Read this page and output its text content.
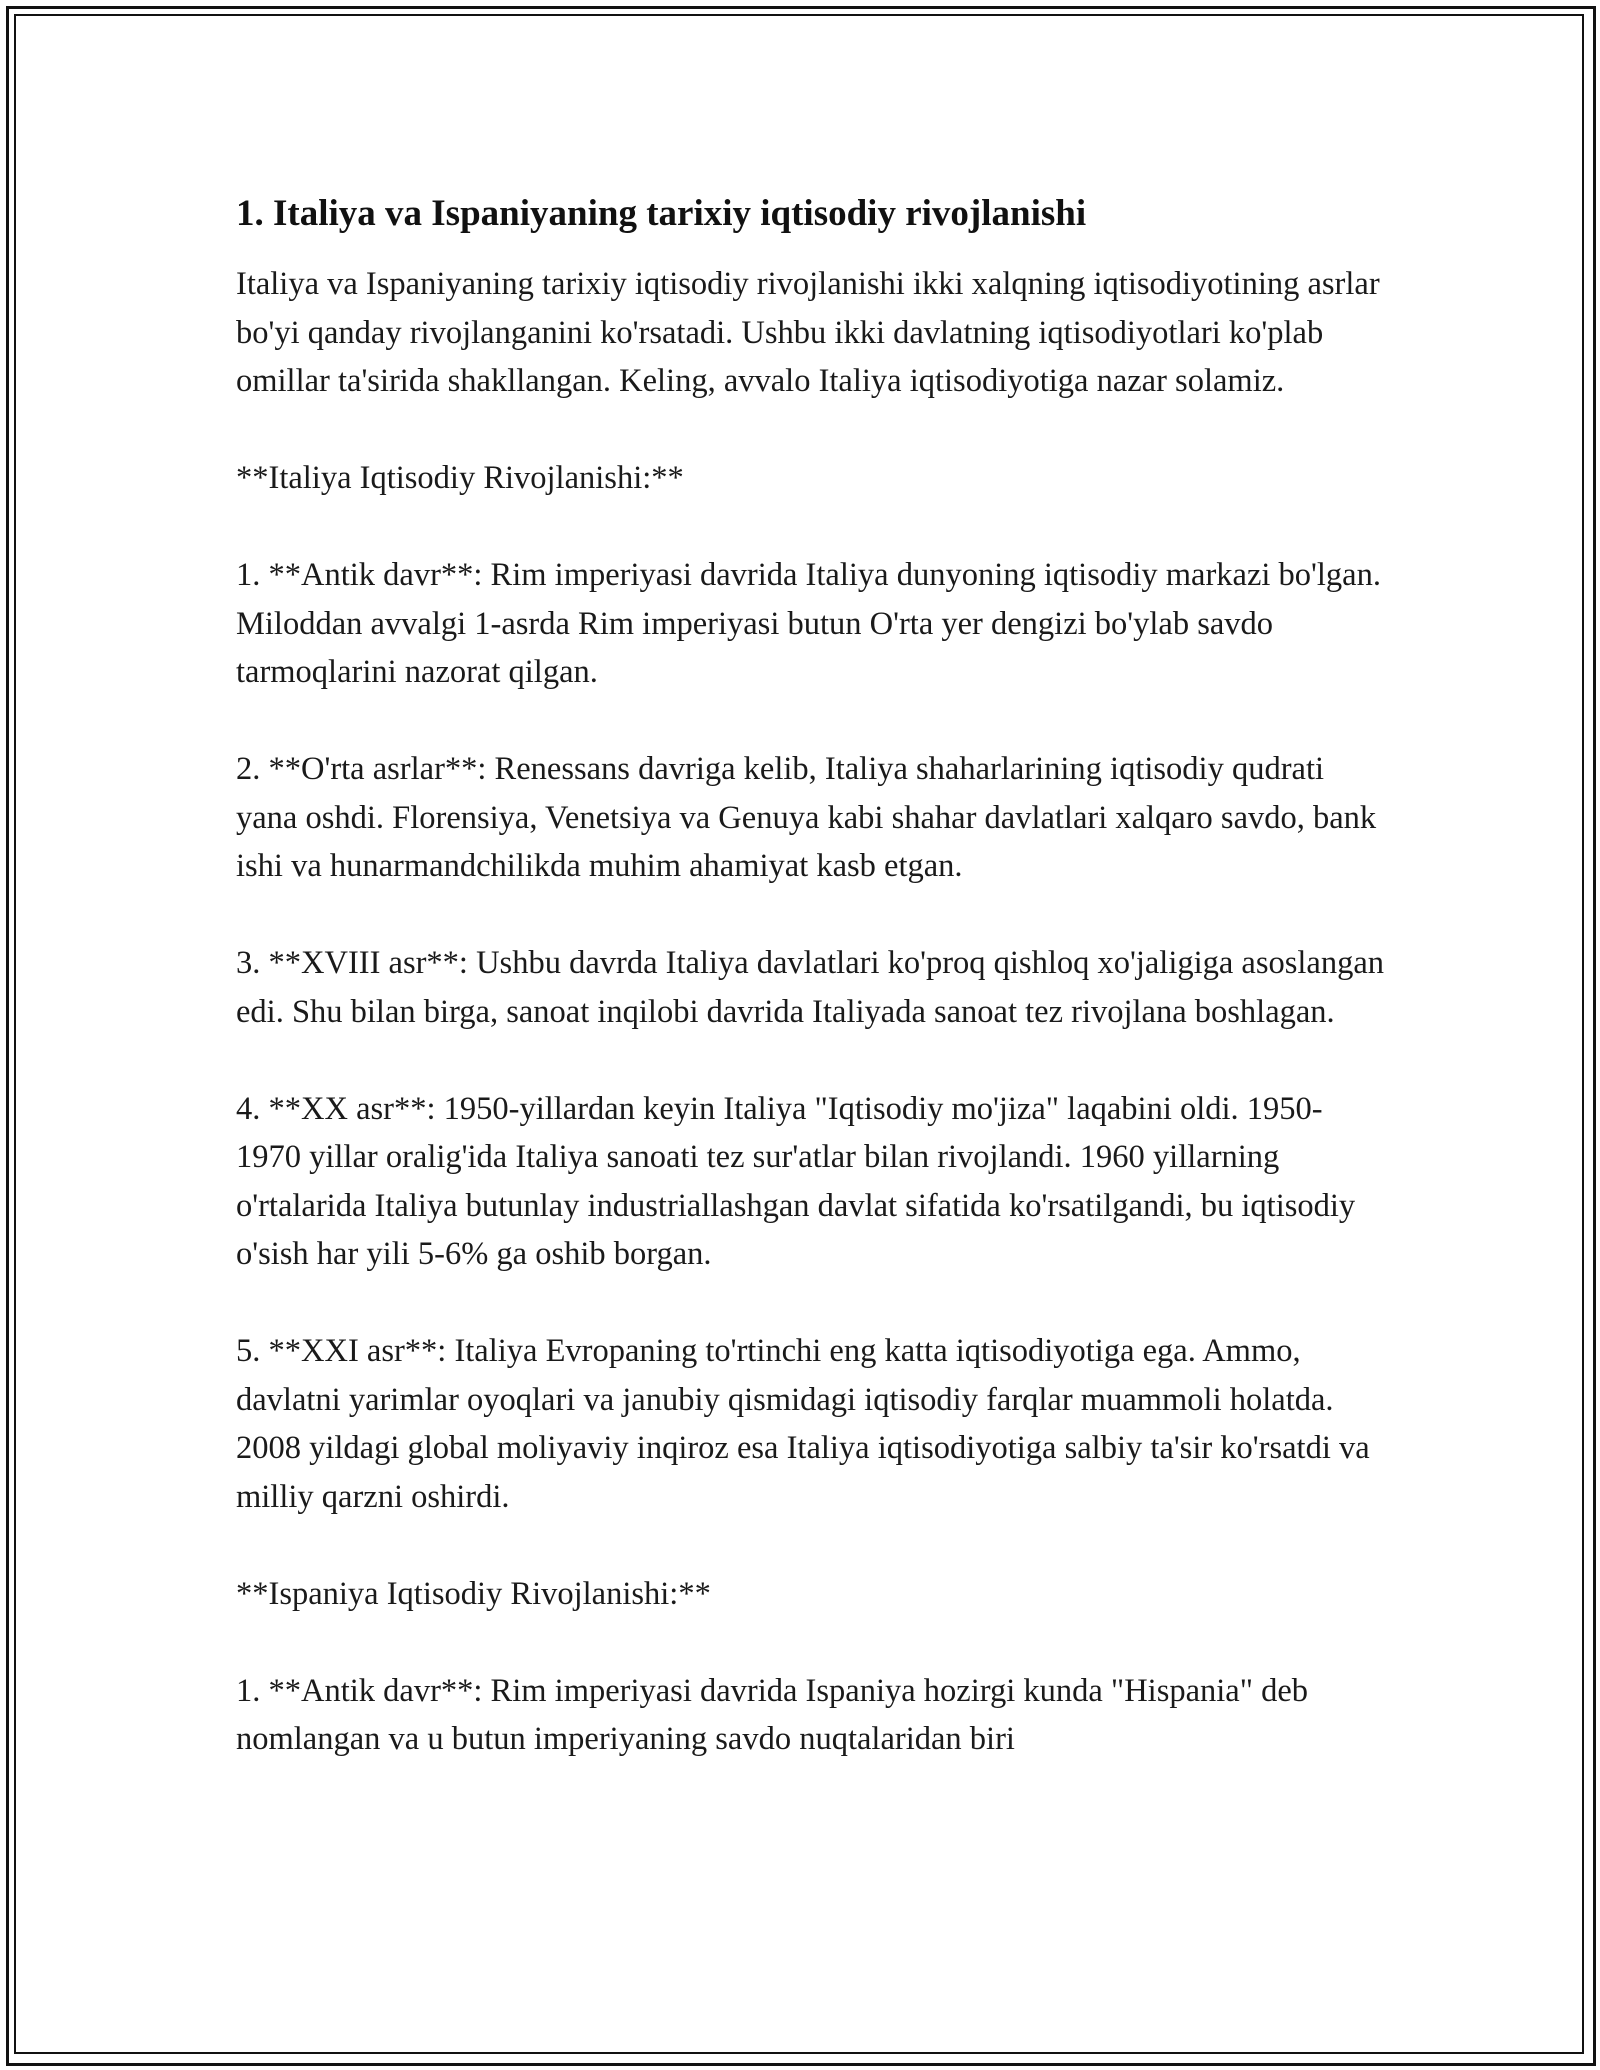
1. Italiya va Ispaniyaning tarixiy iqtisodiy rivojlanishi

Italiya va Ispaniyaning tarixiy iqtisodiy rivojlanishi ikki xalqning iqtisodiyotining asrlar bo'yi qanday rivojlanganini ko'rsatadi. Ushbu ikki davlatning iqtisodiyotlari ko'plab omillar ta'sirida shakllangan. Keling, avvalo Italiya iqtisodiyotiga nazar solamiz.

**Italiya Iqtisodiy Rivojlanishi:**

1. **Antik davr**: Rim imperiyasi davrida Italiya dunyoning iqtisodiy markazi bo'lgan. Miloddan avvalgi 1-asrda Rim imperiyasi butun O'rta yer dengizi bo'ylab savdo tarmoqlarini nazorat qilgan.

2. **O'rta asrlar**: Renessans davriga kelib, Italiya shaharlarining iqtisodiy qudrati yana oshdi. Florensiya, Venetsiya va Genuya kabi shahar davlatlari xalqaro savdo, bank ishi va hunarmandchilikda muhim ahamiyat kasb etgan.

3. **XVIII asr**: Ushbu davrda Italiya davlatlari ko'proq qishloq xo'jaligiga asoslangan edi. Shu bilan birga, sanoat inqilobi davrida Italiyada sanoat tez rivojlana boshlagan.

4. **XX asr**: 1950-yillardan keyin Italiya "Iqtisodiy mo'jiza" laqabini oldi. 1950-1970 yillar oralig'ida Italiya sanoati tez sur'atlar bilan rivojlandi. 1960 yillarning o'rtalarida Italiya butunlay industriallashgan davlat sifatida ko'rsatilgandi, bu iqtisodiy o'sish har yili 5-6% ga oshib borgan.

5. **XXI asr**: Italiya Evropaning to'rtinchi eng katta iqtisodiyotiga ega. Ammo, davlatni yarimlar oyoqlari va janubiy qismidagi iqtisodiy farqlar muammoli holatda. 2008 yildagi global moliyaviy inqiroz esa Italiya iqtisodiyotiga salbiy ta'sir ko'rsatdi va milliy qarzni oshirdi.

**Ispaniya Iqtisodiy Rivojlanishi:**

1. **Antik davr**: Rim imperiyasi davrida Ispaniya hozirgi kunda "Hispania" deb nomlangan va u butun imperiyaning savdo nuqtalaridan biri
